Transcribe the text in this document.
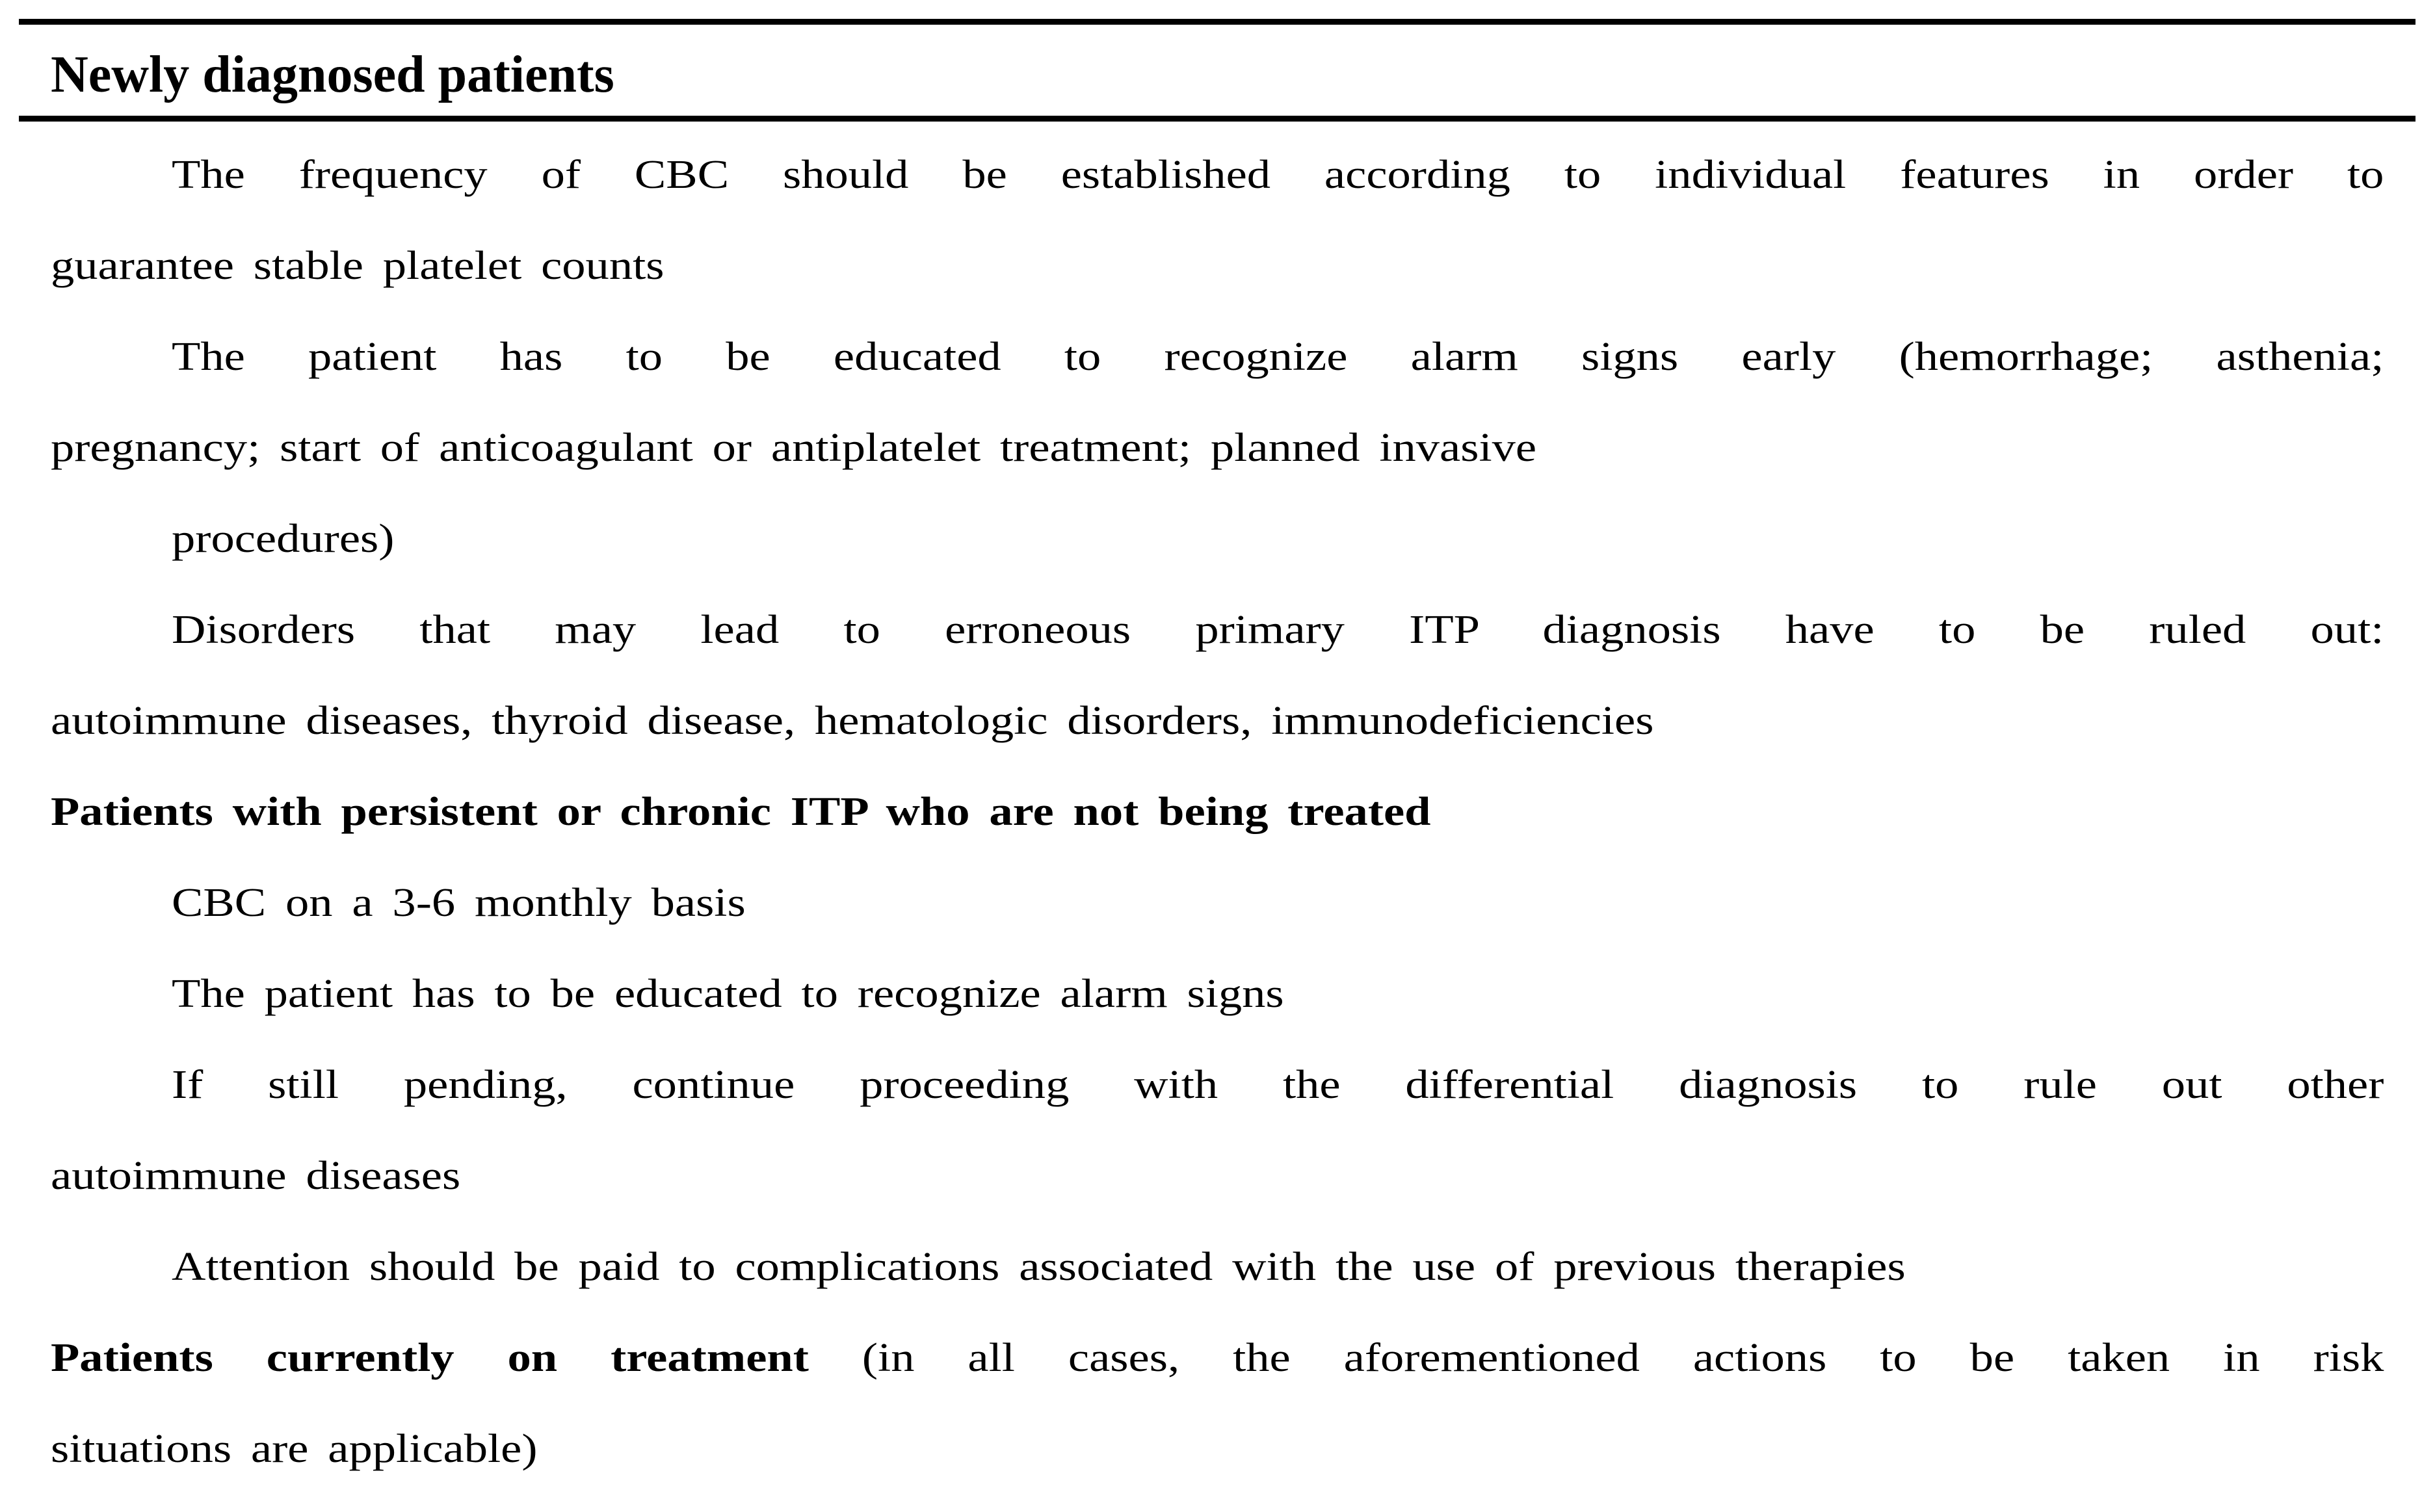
Newly diagnosed patients
The frequency of CBC should be established according to individual features in order to
guarantee stable platelet counts
The patient has to be educated to recognize alarm signs early (hemorrhage; asthenia;
pregnancy; start of anticoagulant or antiplatelet treatment; planned invasive
procedures)
Disorders that may lead to erroneous primary ITP diagnosis have to be ruled out:
autoimmune diseases, thyroid disease, hematologic disorders, immunodeficiencies
Patients with persistent or chronic ITP who are not being treated
CBC on a 3-6 monthly basis
The patient has to be educated to recognize alarm signs
If still pending, continue proceeding with the differential diagnosis to rule out other
autoimmune diseases
Attention should be paid to complications associated with the use of previous therapies
Patients currently on treatment (in all cases, the aforementioned actions to be taken in risk
situations are applicable)
